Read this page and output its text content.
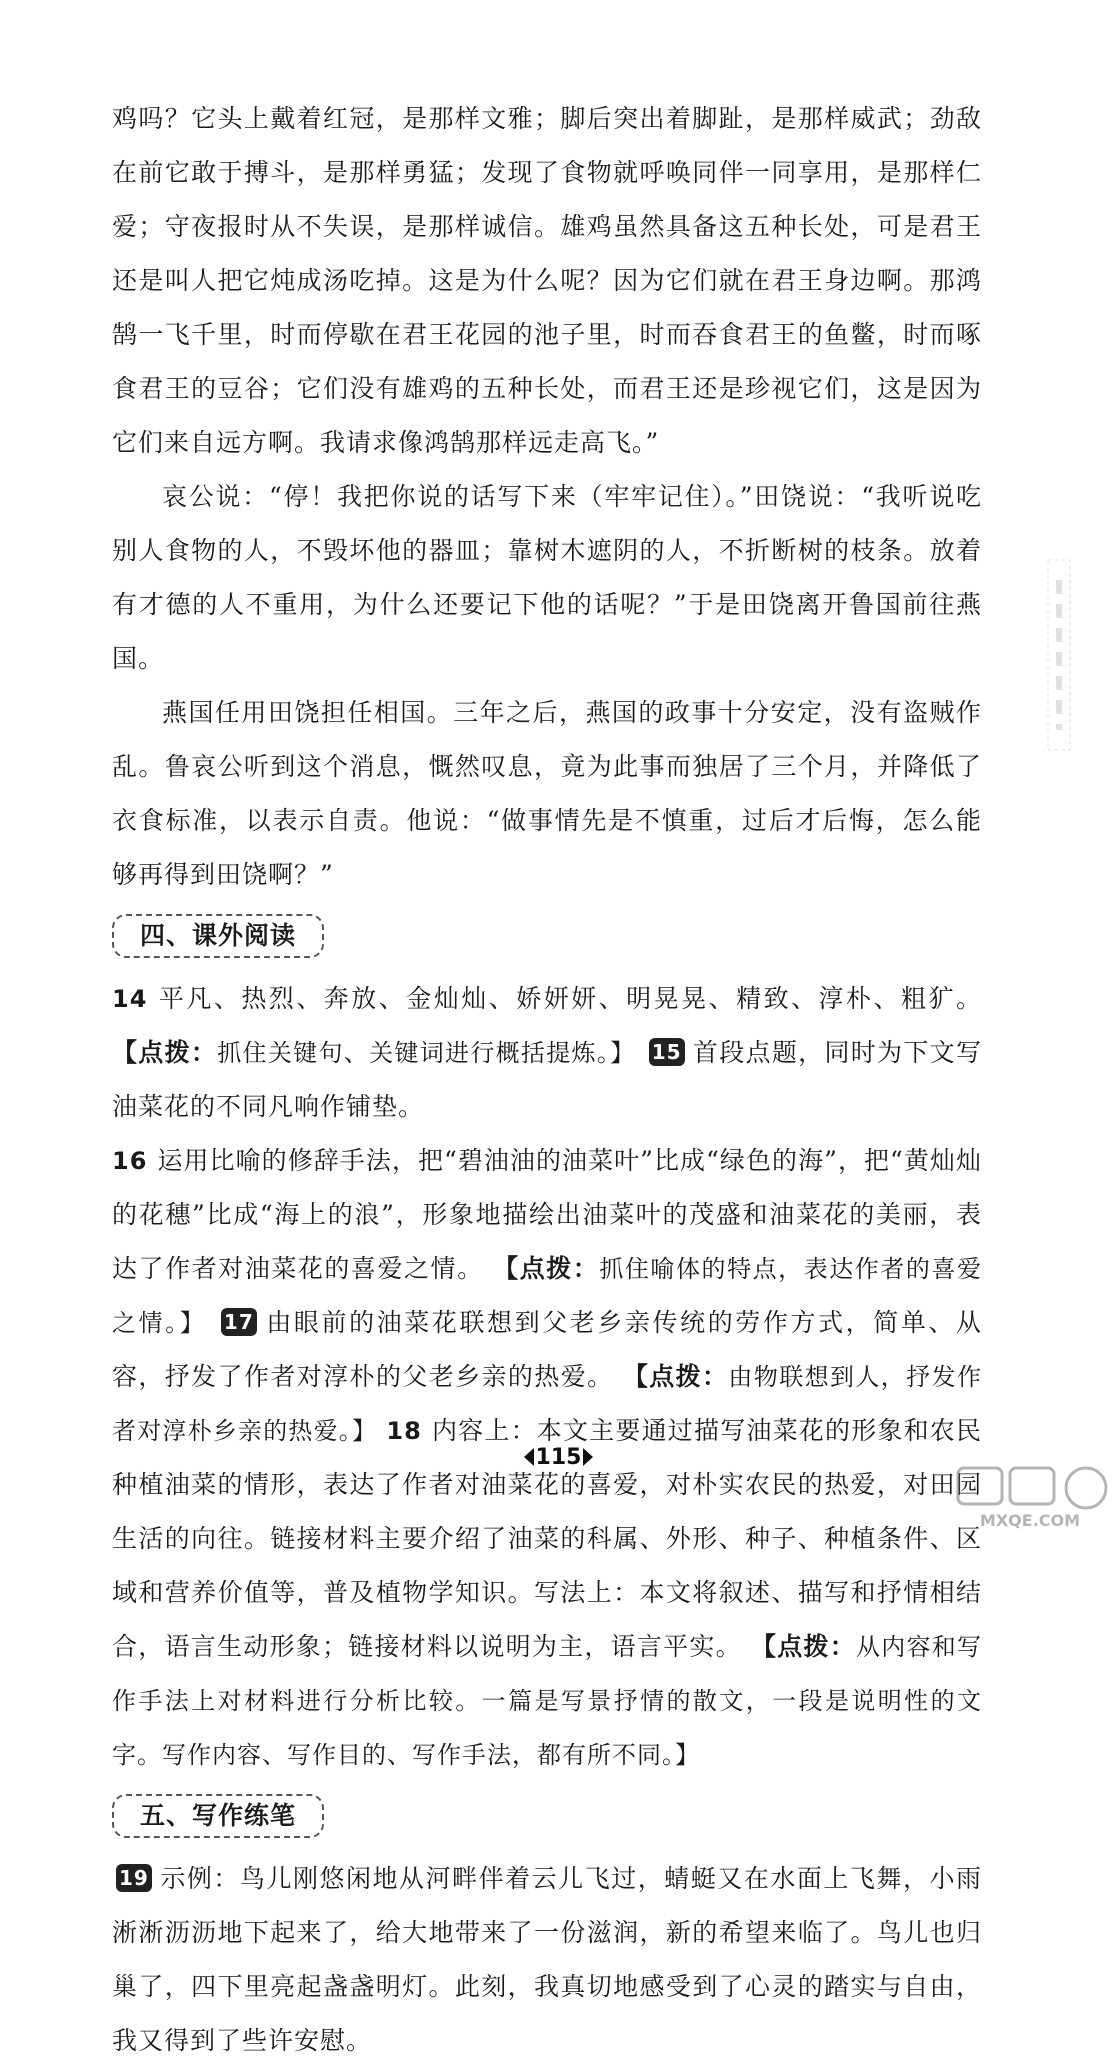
鸡吗？它头上戴着红冠，是那样文雅；脚后突出着脚趾，是那样威武；劲敌在前它敢于搏斗，是那样勇猛；发现了食物就呼唤同伴一同享用，是那样仁爱；守夜报时从不失误，是那样诚信。雄鸡虽然具备这五种长处，可是君王还是叫人把它炖成汤吃掉。这是为什么呢？因为它们就在君王身边啊。那鸿鹄一飞千里，时而停歇在君王花园的池子里，时而吞食君王的鱼鳖，时而啄食君王的豆谷；它们没有雄鸡的五种长处，而君王还是珍视它们，这是因为它们来自远方啊。我请求像鸿鹄那样远走高飞。”

哀公说：“停！我把你说的话写下来（牢牢记住）。”田饶说：“我听说吃别人食物的人，不毁坏他的器皿；靠树木遮阴的人，不折断树的枝条。放着有才德的人不重用，为什么还要记下他的话呢？”于是田饶离开鲁国前往燕国。

燕国任用田饶担任相国。三年之后，燕国的政事十分安定，没有盗贼作乱。鲁哀公听到这个消息，慨然叹息，竟为此事而独居了三个月，并降低了衣食标准，以表示自责。他说：“做事情先是不慎重，过后才后悔，怎么能够再得到田饶啊？”

四、课外阅读

14 平凡、热烈、奔放、金灿灿、娇妍妍、明晃晃、精致、淳朴、粗犷。 【点拨：抓住关键句、关键词进行概括提炼。】 15 首段点题，同时为下文写油菜花的不同凡响作铺垫。

16 运用比喻的修辞手法，把“碧油油的油菜叶”比成“绿色的海”，把“黄灿灿的花穗”比成“海上的浪”，形象地描绘出油菜叶的茂盛和油菜花的美丽，表达了作者对油菜花的喜爱之情。 【点拨：抓住喻体的特点，表达作者的喜爱之情。】 17 由眼前的油菜花联想到父老乡亲传统的劳作方式，简单、从容，抒发了作者对淳朴的父老乡亲的热爱。 【点拨：由物联想到人，抒发作者对淳朴乡亲的热爱。】 18 内容上：本文主要通过描写油菜花的形象和农民种植油菜的情形，表达了作者对油菜花的喜爱，对朴实农民的热爱，对田园生活的向往。链接材料主要介绍了油菜的科属、外形、种子、种植条件、区域和营养价值等，普及植物学知识。写法上：本文将叙述、描写和抒情相结合，语言生动形象；链接材料以说明为主，语言平实。 【点拨：从内容和写作手法上对材料进行分析比较。一篇是写景抒情的散文，一段是说明性的文字。写作内容、写作目的、写作手法，都有所不同。】

五、写作练笔

19 示例：鸟儿刚悠闲地从河畔伴着云儿飞过，蜻蜓又在水面上飞舞，小雨淅淅沥沥地下起来了，给大地带来了一份滋润，新的希望来临了。鸟儿也归巢了，四下里亮起盏盏明灯。此刻，我真切地感受到了心灵的踏实与自由，我又得到了些许安慰。

115
MXQE.COM
